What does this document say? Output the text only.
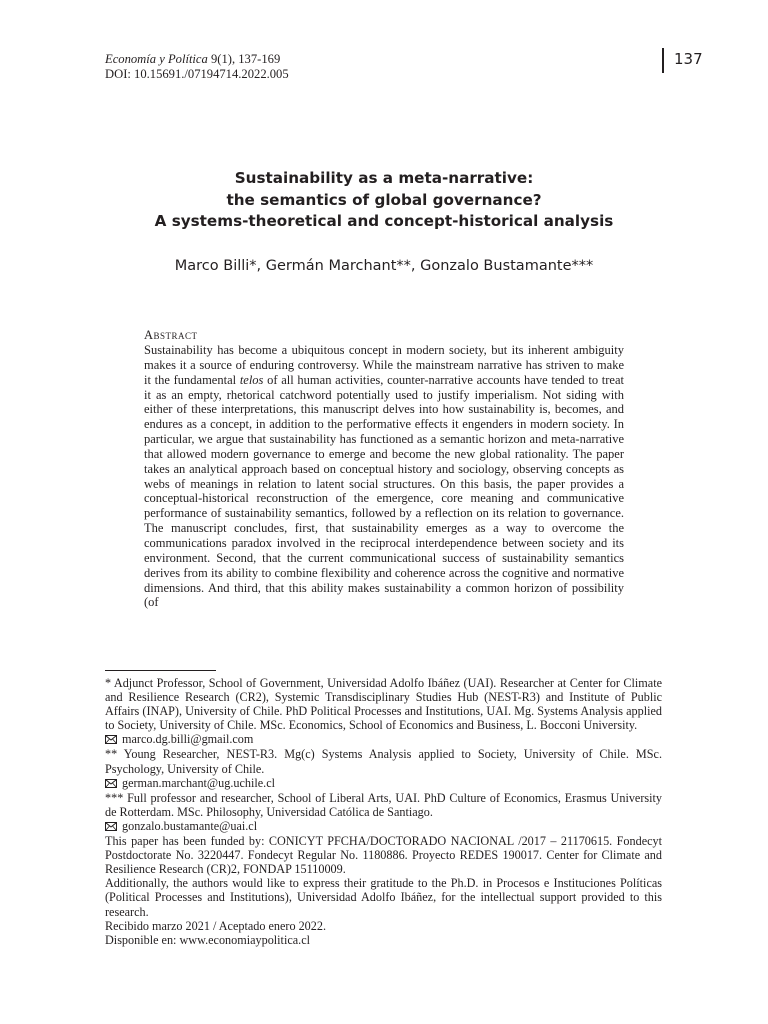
Economía y Política 9(1), 137-169
DOI: 10.15691./07194714.2022.005
137
Sustainability as a meta-narrative:
the semantics of global governance?
A systems-theoretical and concept-historical analysis
Marco Billi*, Germán Marchant**, Gonzalo Bustamante***
Abstract
Sustainability has become a ubiquitous concept in modern society, but its inherent ambiguity makes it a source of enduring controversy. While the mainstream narrative has striven to make it the fundamental telos of all human activities, counter-narrative accounts have tended to treat it as an empty, rhetorical catchword potentially used to justify imperialism. Not siding with either of these interpretations, this manuscript delves into how sustainability is, becomes, and endures as a concept, in addition to the performative effects it engenders in modern society. In particular, we argue that sustainability has functioned as a semantic horizon and meta-narrative that allowed modern governance to emerge and become the new global rationality. The paper takes an analytical approach based on conceptual history and sociology, observing concepts as webs of meanings in relation to latent social structures. On this basis, the paper provides a conceptual-historical reconstruction of the emergence, core meaning and communicative performance of sustainability semantics, followed by a reflection on its relation to governance. The manuscript concludes, first, that sustainability emerges as a way to overcome the communications paradox involved in the reciprocal interdependence between society and its environment. Second, that the current communicational success of sustainability semantics derives from its ability to combine flexibility and coherence across the cognitive and normative dimensions. And third, that this ability makes sustainability a common horizon of possibility (of

* Adjunct Professor, School of Government, Universidad Adolfo Ibáñez (UAI). Researcher at Center for Climate and Resilience Research (CR2), Systemic Transdisciplinary Studies Hub (NEST-R3) and Institute of Public Affairs (INAP), University of Chile. PhD Political Processes and Institutions, UAI. Mg. Systems Analysis applied to Society, University of Chile. MSc. Economics, School of Economics and Business, L. Bocconi University.

marco.dg.billi@gmail.com

** Young Researcher, NEST-R3. Mg(c) Systems Analysis applied to Society, University of Chile. MSc. Psychology, University of Chile.

german.marchant@ug.uchile.cl

*** Full professor and researcher, School of Liberal Arts, UAI. PhD Culture of Economics, Erasmus University de Rotterdam. MSc. Philosophy, Universidad Católica de Santiago.

gonzalo.bustamante@uai.cl

This paper has been funded by: CONICYT PFCHA/DOCTORADO NACIONAL /2017 – 21170615. Fondecyt Postdoctorate No. 3220447. Fondecyt Regular No. 1180886. Proyecto REDES 190017. Center for Climate and Resilience Research (CR)2, FONDAP 15110009.

Additionally, the authors would like to express their gratitude to the Ph.D. in Procesos e Instituciones Políticas (Political Processes and Institutions), Universidad Adolfo Ibáñez, for the intellectual support provided to this research.

Recibido marzo 2021 / Aceptado enero 2022.

Disponible en: www.economiaypolitica.cl
